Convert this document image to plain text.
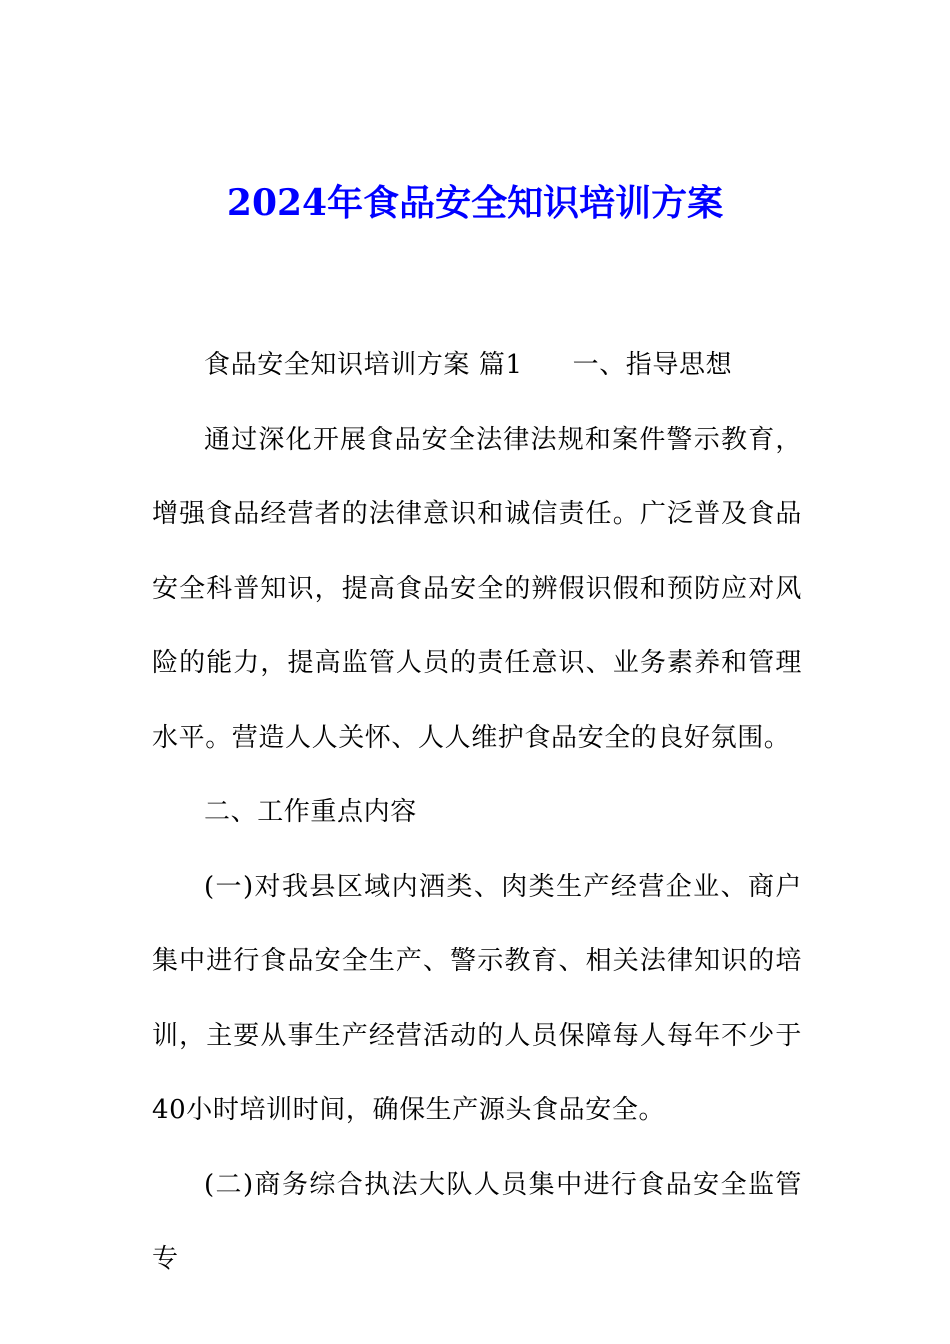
2024年食品安全知识培训方案

食品安全知识培训方案 篇1 一、指导思想

通过深化开展食品安全法律法规和案件警示教育，增强食品经营者的法律意识和诚信责任。广泛普及食品安全科普知识，提高食品安全的辨假识假和预防应对风险的能力，提高监管人员的责任意识、业务素养和管理水平。营造人人关怀、人人维护食品安全的良好氛围。

二、工作重点内容

(一)对我县区域内酒类、肉类生产经营企业、商户集中进行食品安全生产、警示教育、相关法律知识的培训，主要从事生产经营活动的人员保障每人每年不少于40小时培训时间，确保生产源头食品安全。

(二)商务综合执法大队人员集中进行食品安全监管专
